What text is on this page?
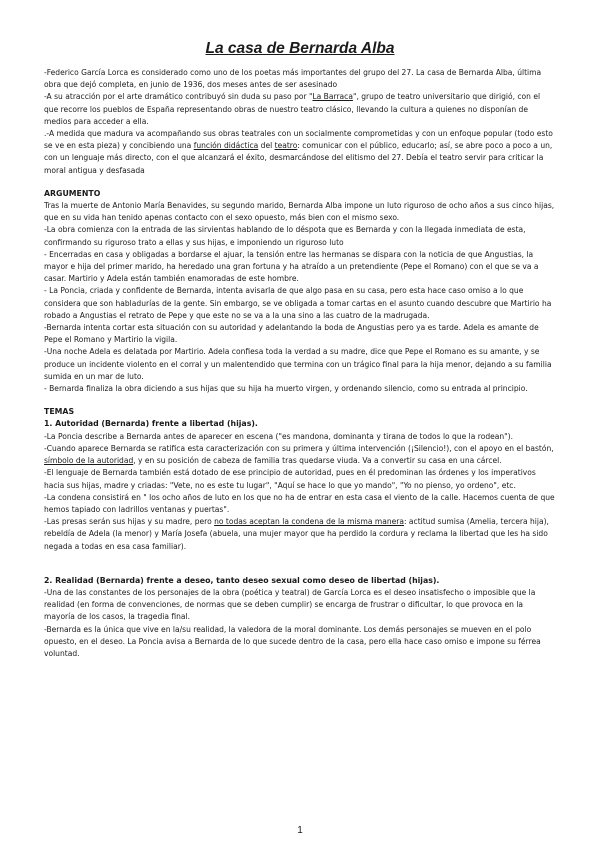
La casa de Bernarda Alba

-Federico García Lorca es considerado como uno de los poetas más importantes del grupo del 27. La casa de Bernarda Alba, última obra que dejó completa, en junio de 1936, dos meses antes de ser asesinado

-A su atracción por el arte dramático contribuyó sin duda su paso por "La Barraca", grupo de teatro universitario que dirigió, con el que recorre los pueblos de España representando obras de nuestro teatro clásico, llevando la cultura a quienes no disponían de medios para acceder a ella.

.-A medida que madura va acompañando sus obras teatrales con un socialmente comprometidas y con un enfoque popular (todo esto se ve en esta pieza) y concibiendo una función didáctica del teatro: comunicar con el público, educarlo; así, se abre poco a poco a un, con un lenguaje más directo, con el que alcanzará el éxito, desmarcándose del elitismo del 27. Debía el teatro servir para criticar la moral antigua y desfasada

ARGUMENTO

Tras la muerte de Antonio María Benavides, su segundo marido, Bernarda Alba impone un luto riguroso de ocho años a sus cinco hijas, que en su vida han tenido apenas contacto con el sexo opuesto, más bien con el mismo sexo.

-La obra comienza con la entrada de las sirvientas hablando de lo déspota que es Bernarda y con la llegada inmediata de esta, confirmando su riguroso trato a ellas y sus hijas, e imponiendo un riguroso luto

- Encerradas en casa y obligadas a bordarse el ajuar, la tensión entre las hermanas se dispara con la noticia de que Angustias, la mayor e hija del primer marido, ha heredado una gran fortuna y ha atraído a un pretendiente (Pepe el Romano) con el que se va a casar. Martirio y Adela están también enamoradas de este hombre.

- La Poncia, criada y confidente de Bernarda, intenta avisarla de que algo pasa en su casa, pero esta hace caso omiso a lo que considera que son habladurías de la gente. Sin embargo, se ve obligada a tomar cartas en el asunto cuando descubre que Martirio ha robado a Angustias el retrato de Pepe y que este no se va a la una sino a las cuatro de la madrugada.

-Bernarda intenta cortar esta situación con su autoridad y adelantando la boda de Angustias pero ya es tarde. Adela es amante de Pepe el Romano y Martirio la vigila.

-Una noche Adela es delatada por Martirio. Adela confiesa toda la verdad a su madre, dice que Pepe el Romano es su amante, y se produce un incidente violento en el corral y un malentendido que termina con un trágico final para la hija menor, dejando a su familia sumida en un mar de luto.

- Bernarda finaliza la obra diciendo a sus hijas que su hija ha muerto virgen, y ordenando silencio, como su entrada al principio.

TEMAS
1. Autoridad (Bernarda) frente a libertad (hijas).

-La Poncia describe a Bernarda antes de aparecer en escena ("es mandona, dominanta y tirana de todos lo que la rodean").

-Cuando aparece Bernarda se ratifica esta caracterización con su primera y última intervención (¡Silencio!), con el apoyo en el bastón, símbolo de la autoridad, y en su posición de cabeza de familia tras quedarse viuda. Va a convertir su casa en una cárcel.

-El lenguaje de Bernarda también está dotado de ese principio de autoridad, pues en él predominan las órdenes y los imperativos hacia sus hijas, madre y criadas: "Vete, no es este tu lugar", "Aquí se hace lo que yo mando", "Yo no pienso, yo ordeno", etc.

-La condena consistirá en " los ocho años de luto en los que no ha de entrar en esta casa el viento de la calle. Hacemos cuenta de que hemos tapiado con ladrillos ventanas y puertas".

-Las presas serán sus hijas y su madre, pero no todas aceptan la condena de la misma manera: actitud sumisa (Amelia, tercera hija), rebeldía de Adela (la menor) y María Josefa (abuela, una mujer mayor que ha perdido la cordura y reclama la libertad que les ha sido negada a todas en esa casa familiar).

2. Realidad (Bernarda) frente a deseo, tanto deseo sexual como deseo de libertad (hijas).

-Una de las constantes de los personajes de la obra (poética y teatral) de García Lorca es el deseo insatisfecho o imposible que la realidad (en forma de convenciones, de normas que se deben cumplir) se encarga de frustrar o dificultar, lo que provoca en la mayoría de los casos, la tragedia final.

-Bernarda es la única que vive en la/su realidad, la valedora de la moral dominante. Los demás personajes se mueven en el polo opuesto, en el deseo. La Poncia avisa a Bernarda de lo que sucede dentro de la casa, pero ella hace caso omiso e impone su férrea voluntad.

1
